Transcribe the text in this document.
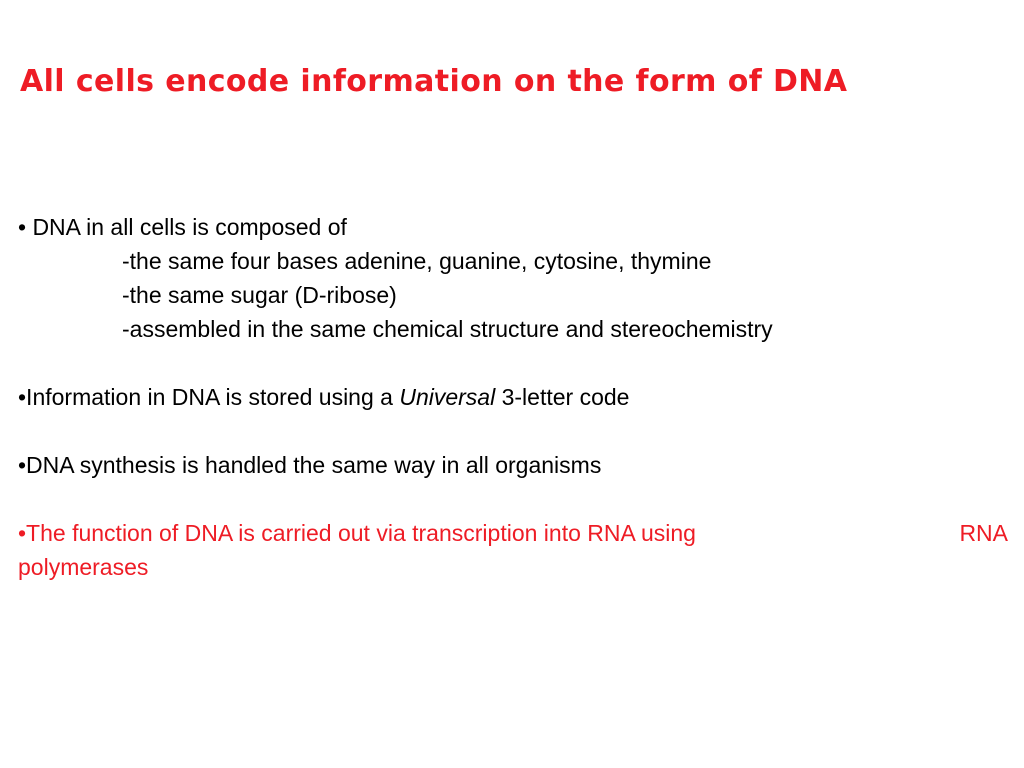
All cells encode information on the form of DNA
• DNA in all cells is composed of
-the same four bases adenine, guanine, cytosine, thymine
-the same sugar (D-ribose)
-assembled in the same chemical structure and stereochemistry
•Information in DNA is stored using a Universal 3-letter code
•DNA synthesis is handled the same way in all organisms
•The function of DNA is carried out via transcription into RNA using	RNA
polymerases
